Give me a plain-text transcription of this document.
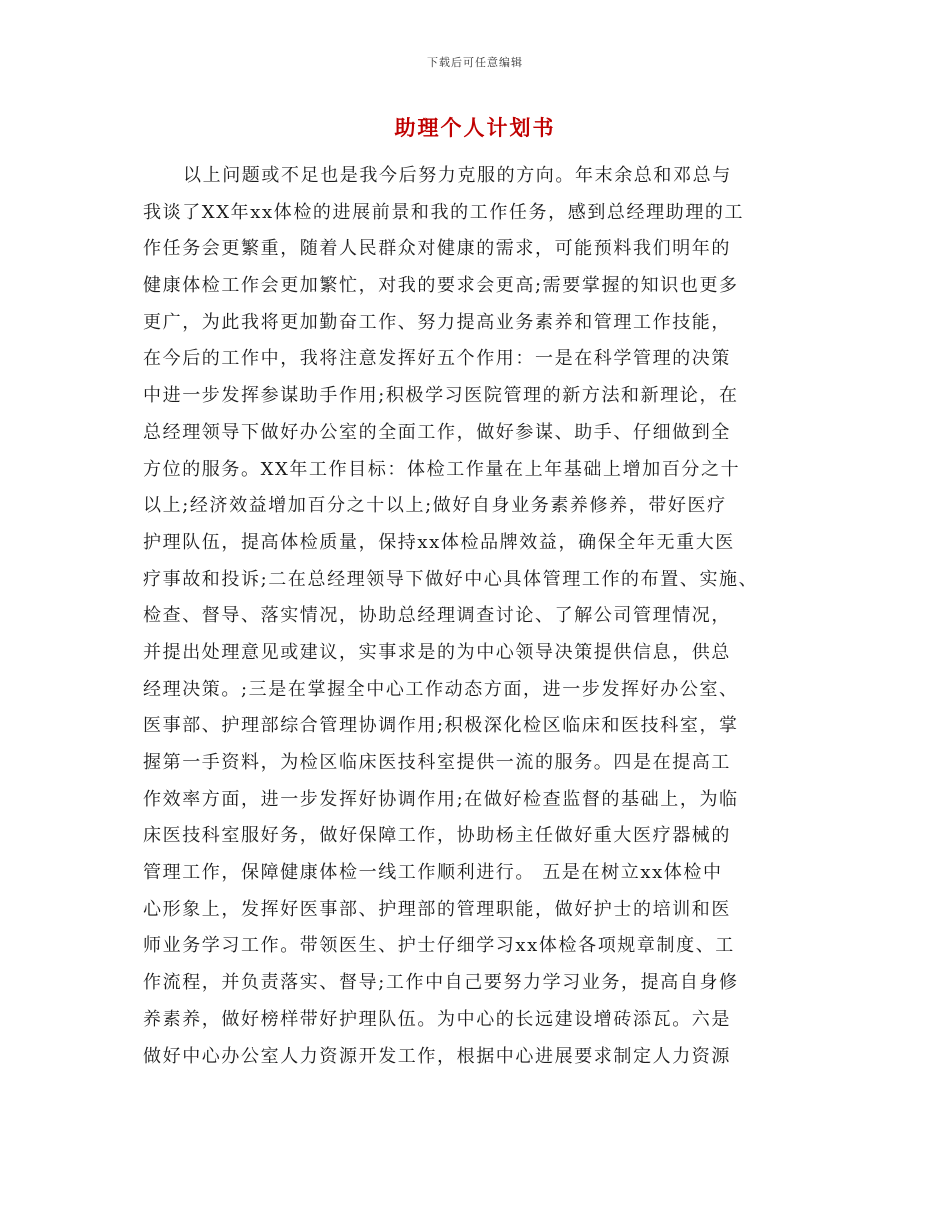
下载后可任意编辑
助理个人计划书
以上问题或不足也是我今后努力克服的方向。年末余总和邓总与
我谈了XX年xx体检的进展前景和我的工作任务，感到总经理助理的工
作任务会更繁重，随着人民群众对健康的需求，可能预料我们明年的
健康体检工作会更加繁忙，对我的要求会更高;需要掌握的知识也更多
更广，为此我将更加勤奋工作、努力提高业务素养和管理工作技能，
在今后的工作中，我将注意发挥好五个作用：一是在科学管理的决策
中进一步发挥参谋助手作用;积极学习医院管理的新方法和新理论，在
总经理领导下做好办公室的全面工作，做好参谋、助手、仔细做到全
方位的服务。XX年工作目标：体检工作量在上年基础上增加百分之十
以上;经济效益增加百分之十以上;做好自身业务素养修养，带好医疗
护理队伍，提高体检质量，保持xx体检品牌效益，确保全年无重大医
疗事故和投诉;二在总经理领导下做好中心具体管理工作的布置、实施、
检查、督导、落实情况，协助总经理调查讨论、了解公司管理情况，
并提出处理意见或建议，实事求是的为中心领导决策提供信息，供总
经理决策。;三是在掌握全中心工作动态方面，进一步发挥好办公室、
医事部、护理部综合管理协调作用;积极深化检区临床和医技科室，掌
握第一手资料，为检区临床医技科室提供一流的服务。四是在提高工
作效率方面，进一步发挥好协调作用;在做好检查监督的基础上，为临
床医技科室服好务，做好保障工作，协助杨主任做好重大医疗器械的
管理工作，保障健康体检一线工作顺利进行。 五是在树立xx体检中
心形象上，发挥好医事部、护理部的管理职能，做好护士的培训和医
师业务学习工作。带领医生、护士仔细学习xx体检各项规章制度、工
作流程，并负责落实、督导;工作中自己要努力学习业务，提高自身修
养素养，做好榜样带好护理队伍。为中心的长远建设增砖添瓦。六是
做好中心办公室人力资源开发工作，根据中心进展要求制定人力资源
